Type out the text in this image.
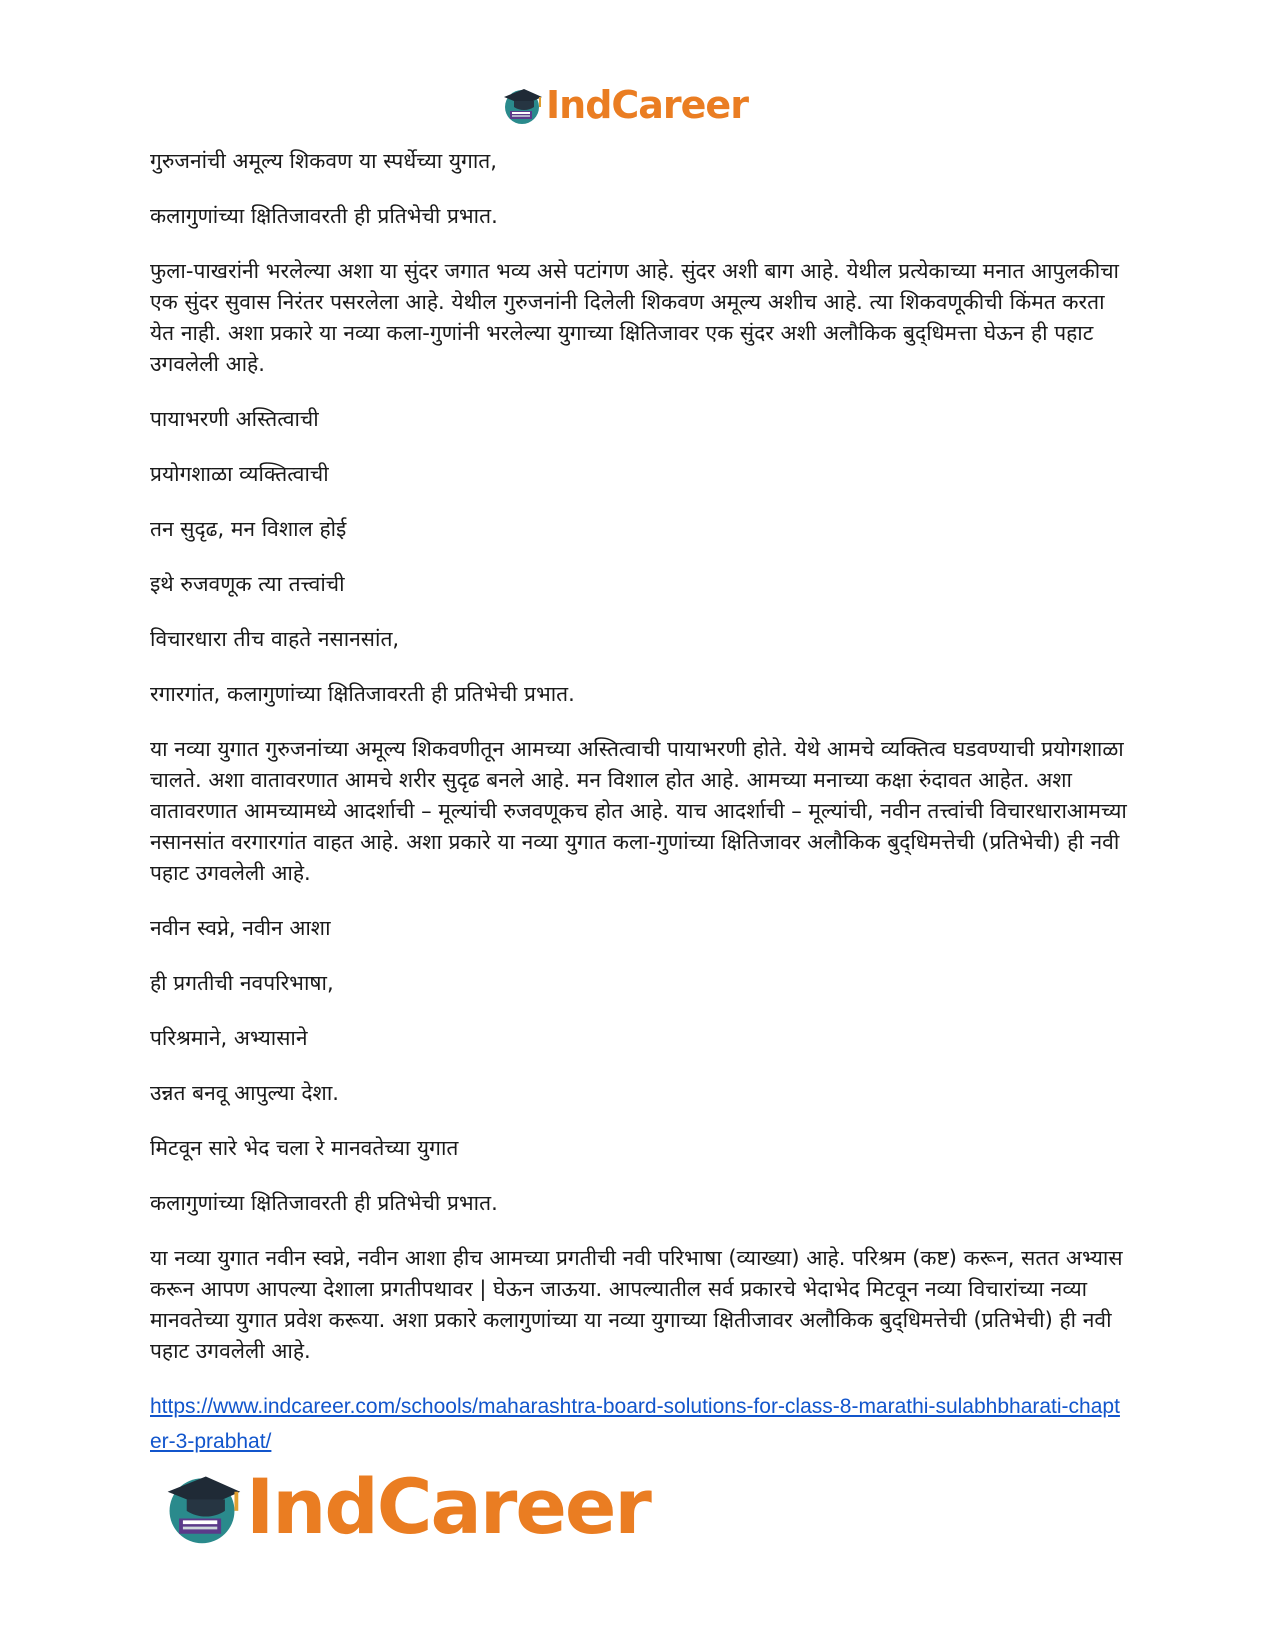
IndCareer

गुरुजनांची अमूल्य शिकवण या स्पर्धेच्या युगात,

कलागुणांच्या क्षितिजावरती ही प्रतिभेची प्रभात.

फुला-पाखरांनी भरलेल्या अशा या सुंदर जगात भव्य असे पटांगण आहे. सुंदर अशी बाग आहे. येथील प्रत्येकाच्या मनात आपुलकीचा एक सुंदर सुवास निरंतर पसरलेला आहे. येथील गुरुजनांनी दिलेली शिकवण अमूल्य अशीच आहे. त्या शिकवणूकीची किंमत करता येत नाही. अशा प्रकारे या नव्या कला-गुणांनी भरलेल्या युगाच्या क्षितिजावर एक सुंदर अशी अलौकिक बुद्‌धिमत्ता घेऊन ही पहाट उगवलेली आहे.

पायाभरणी अस्तित्वाची

प्रयोगशाळा व्यक्तित्वाची

तन सुदृढ, मन विशाल होई

इथे रुजवणूक त्या तत्त्वांची

विचारधारा तीच वाहते नसानसांत,

रगारगांत, कलागुणांच्या क्षितिजावरती ही प्रतिभेची प्रभात.

या नव्या युगात गुरुजनांच्या अमूल्य शिकवणीतून आमच्या अस्तित्वाची पायाभरणी होते. येथे आमचे व्यक्तित्व घडवण्याची प्रयोगशाळा चालते. अशा वातावरणात आमचे शरीर सुदृढ बनले आहे. मन विशाल होत आहे. आमच्या मनाच्या कक्षा रुंदावत आहेत. अशा वातावरणात आमच्यामध्ये आदर्शाची – मूल्यांची रुजवणूकच होत आहे. याच आदर्शाची – मूल्यांची, नवीन तत्त्वांची विचारधाराआमच्या नसानसांत वरगारगांत वाहत आहे. अशा प्रकारे या नव्या युगात कला-गुणांच्या क्षितिजावर अलौकिक बुद्‌धिमत्तेची (प्रतिभेची) ही नवी पहाट उगवलेली आहे.

नवीन स्वप्ने, नवीन आशा

ही प्रगतीची नवपरिभाषा,

परिश्रमाने, अभ्यासाने

उन्नत बनवू आपुल्या देशा.

मिटवून सारे भेद चला रे मानवतेच्या युगात

कलागुणांच्या क्षितिजावरती ही प्रतिभेची प्रभात.

या नव्या युगात नवीन स्वप्ने, नवीन आशा हीच आमच्या प्रगतीची नवी परिभाषा (व्याख्या) आहे. परिश्रम (कष्ट) करून, सतत अभ्यास करून आपण आपल्या देशाला प्रगतीपथावर | घेऊन जाऊया. आपल्यातील सर्व प्रकारचे भेदाभेद मिटवून नव्या विचारांच्या नव्या मानवतेच्या युगात प्रवेश करूया. अशा प्रकारे कलागुणांच्या या नव्या युगाच्या क्षितीजावर अलौकिक बुद्‌धिमत्तेची (प्रतिभेची) ही नवी पहाट उगवलेली आहे.

https://www.indcareer.com/schools/maharashtra-board-solutions-for-class-8-marathi-sulabhbharati-chapter-3-prabhat/
IndCareer
